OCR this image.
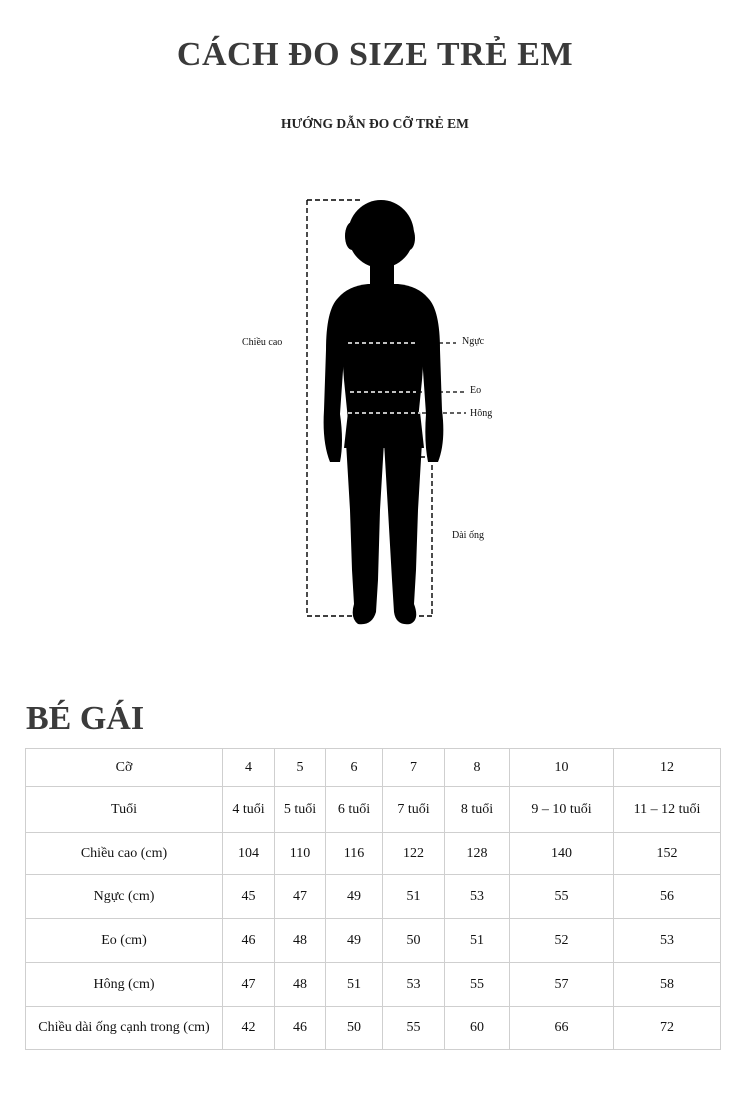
CÁCH ĐO SIZE TRẺ EM
HƯỚNG DẪN ĐO CỠ TRẺ EM
Chiều cao	Ngực
Eo
Hông
Dài ống
BÉ GÁI
Cỡ	4	5	6	7	8	10	12
Tuổi	4 tuổi	5 tuổi	6 tuổi	7 tuổi	8 tuổi	9 – 10 tuổi	11 – 12 tuổi
Chiều cao (cm)	104	110	116	122	128	140	152
Ngực (cm)	45	47	49	51	53	55	56
Eo (cm)	46	48	49	50	51	52	53
Hông (cm)	47	48	51	53	55	57	58
Chiều dài ống cạnh trong (cm)	42	46	50	55	60	66	72
